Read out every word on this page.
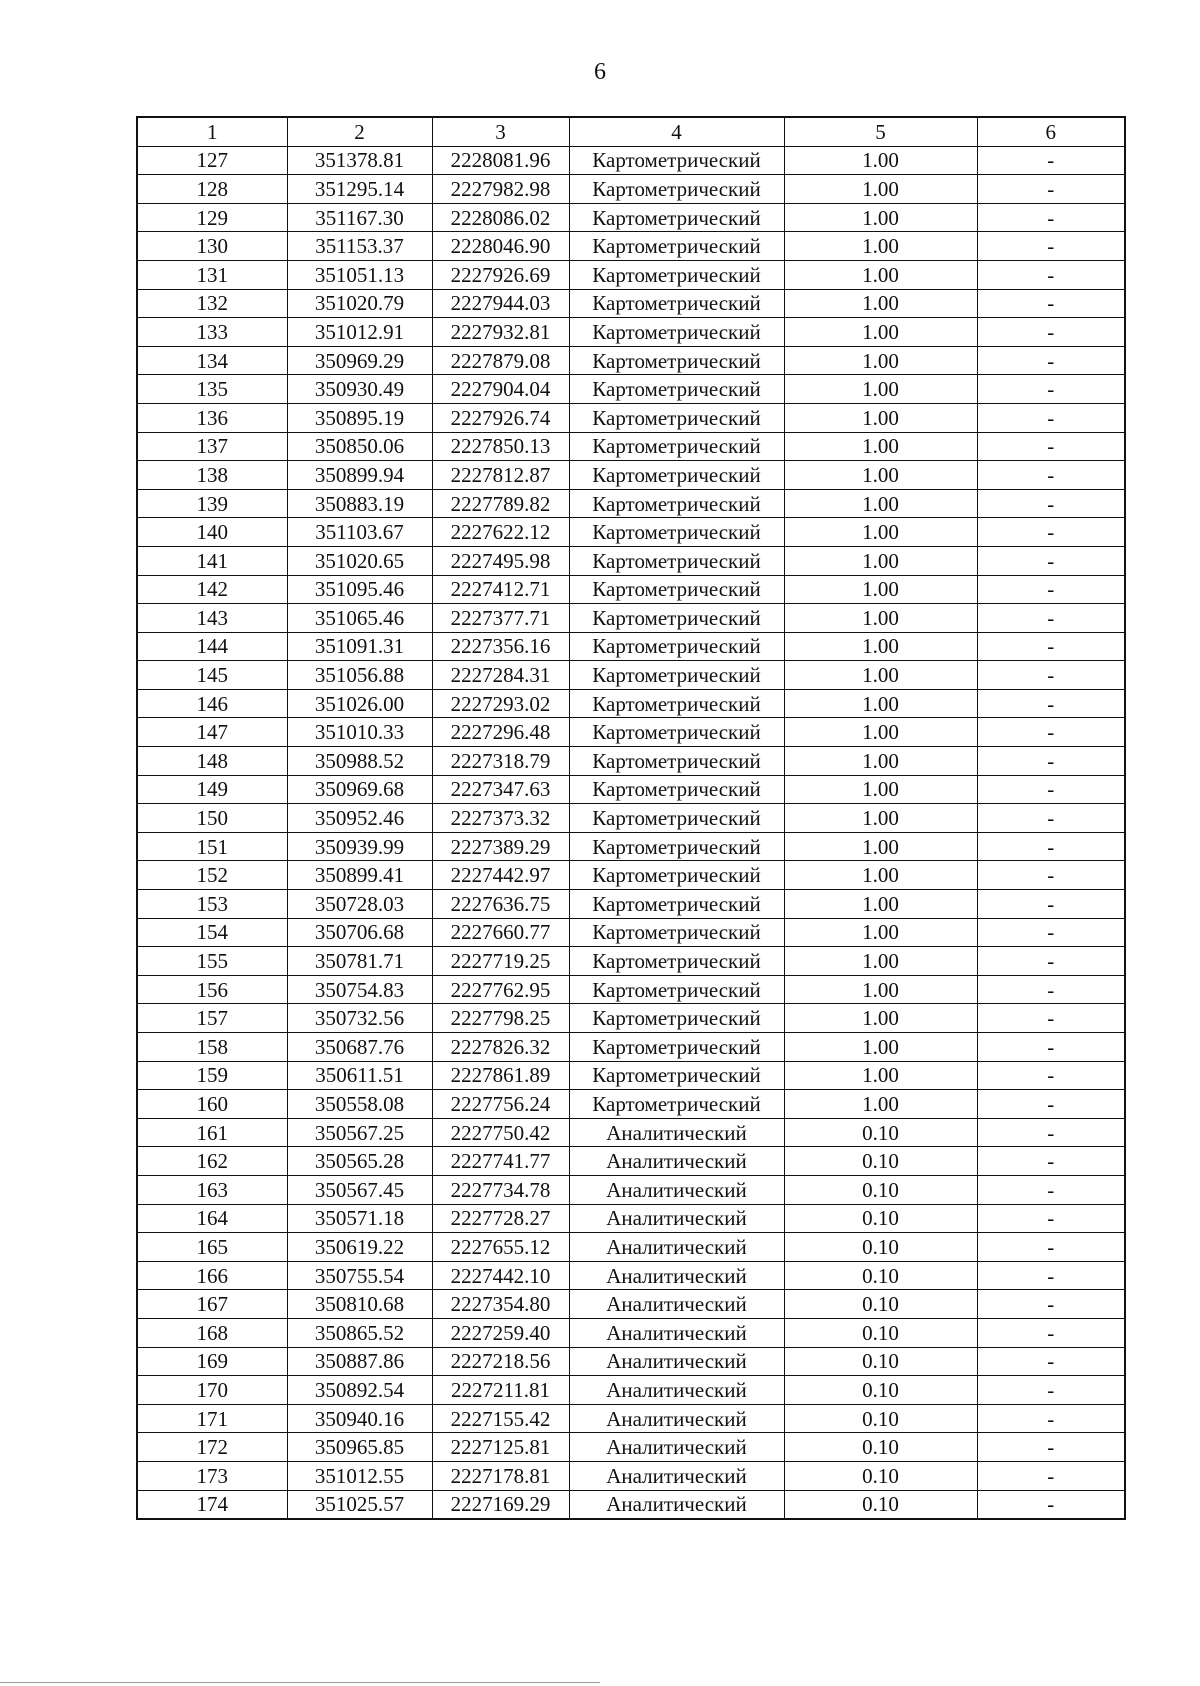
6
1	2	3	4	5	6
127	351378.81	2228081.96	Картометрический	1.00	-
128	351295.14	2227982.98	Картометрический	1.00	-
129	351167.30	2228086.02	Картометрический	1.00	-
130	351153.37	2228046.90	Картометрический	1.00	-
131	351051.13	2227926.69	Картометрический	1.00	-
132	351020.79	2227944.03	Картометрический	1.00	-
133	351012.91	2227932.81	Картометрический	1.00	-
134	350969.29	2227879.08	Картометрический	1.00	-
135	350930.49	2227904.04	Картометрический	1.00	-
136	350895.19	2227926.74	Картометрический	1.00	-
137	350850.06	2227850.13	Картометрический	1.00	-
138	350899.94	2227812.87	Картометрический	1.00	-
139	350883.19	2227789.82	Картометрический	1.00	-
140	351103.67	2227622.12	Картометрический	1.00	-
141	351020.65	2227495.98	Картометрический	1.00	-
142	351095.46	2227412.71	Картометрический	1.00	-
143	351065.46	2227377.71	Картометрический	1.00	-
144	351091.31	2227356.16	Картометрический	1.00	-
145	351056.88	2227284.31	Картометрический	1.00	-
146	351026.00	2227293.02	Картометрический	1.00	-
147	351010.33	2227296.48	Картометрический	1.00	-
148	350988.52	2227318.79	Картометрический	1.00	-
149	350969.68	2227347.63	Картометрический	1.00	-
150	350952.46	2227373.32	Картометрический	1.00	-
151	350939.99	2227389.29	Картометрический	1.00	-
152	350899.41	2227442.97	Картометрический	1.00	-
153	350728.03	2227636.75	Картометрический	1.00	-
154	350706.68	2227660.77	Картометрический	1.00	-
155	350781.71	2227719.25	Картометрический	1.00	-
156	350754.83	2227762.95	Картометрический	1.00	-
157	350732.56	2227798.25	Картометрический	1.00	-
158	350687.76	2227826.32	Картометрический	1.00	-
159	350611.51	2227861.89	Картометрический	1.00	-
160	350558.08	2227756.24	Картометрический	1.00	-
161	350567.25	2227750.42	Аналитический	0.10	-
162	350565.28	2227741.77	Аналитический	0.10	-
163	350567.45	2227734.78	Аналитический	0.10	-
164	350571.18	2227728.27	Аналитический	0.10	-
165	350619.22	2227655.12	Аналитический	0.10	-
166	350755.54	2227442.10	Аналитический	0.10	-
167	350810.68	2227354.80	Аналитический	0.10	-
168	350865.52	2227259.40	Аналитический	0.10	-
169	350887.86	2227218.56	Аналитический	0.10	-
170	350892.54	2227211.81	Аналитический	0.10	-
171	350940.16	2227155.42	Аналитический	0.10	-
172	350965.85	2227125.81	Аналитический	0.10	-
173	351012.55	2227178.81	Аналитический	0.10	-
174	351025.57	2227169.29	Аналитический	0.10	-
